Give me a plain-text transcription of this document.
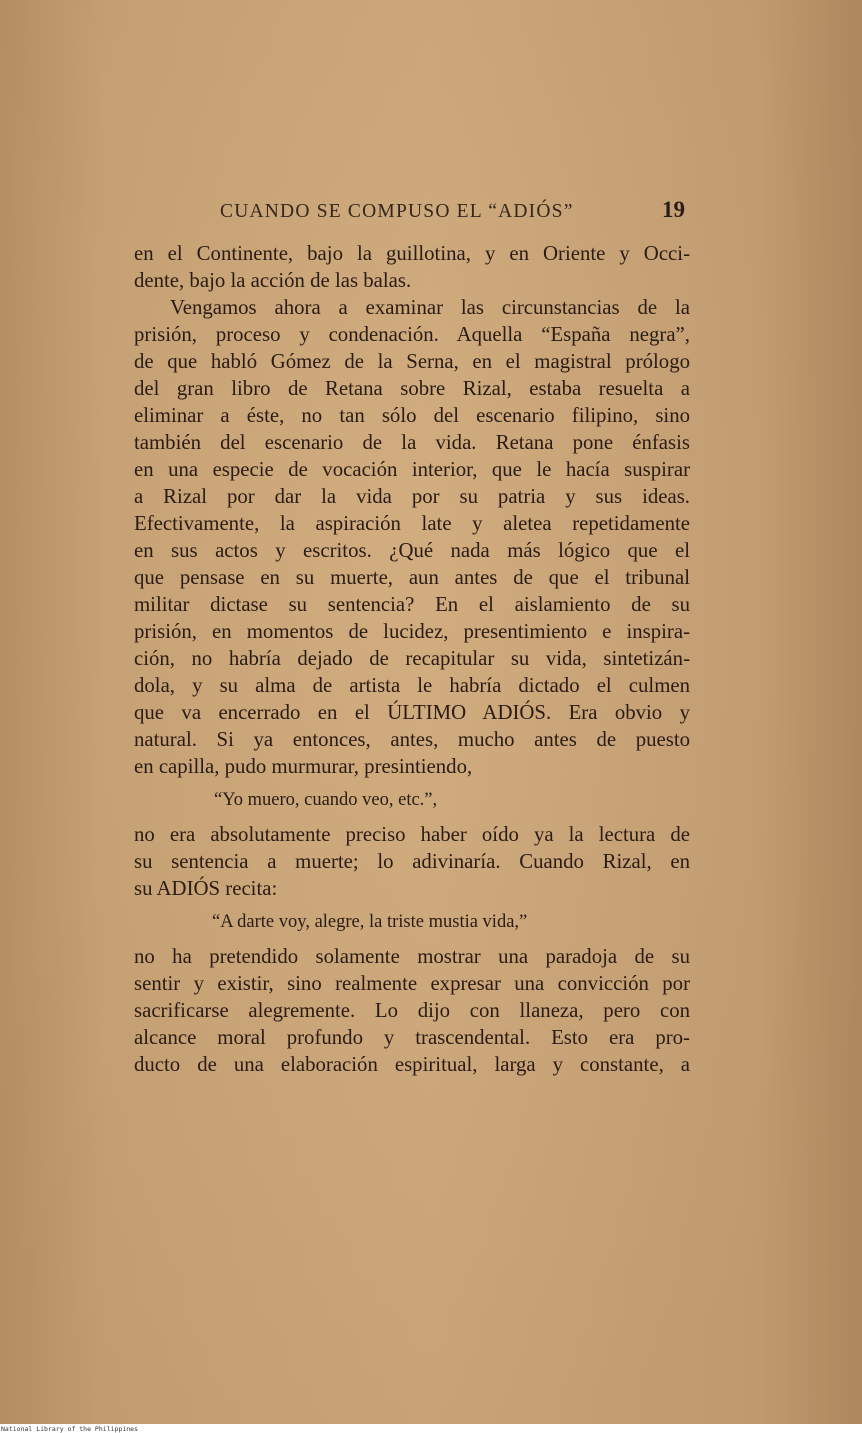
CUANDO SE COMPUSO EL “ADIÓS”	19
en el Continente, bajo la guillotina, y en Oriente y Occi-
dente, bajo la acción de las balas.
Vengamos ahora a examinar las circunstancias de la
prisión, proceso y condenación. Aquella “España negra”,
de que habló Gómez de la Serna, en el magistral prólogo
del gran libro de Retana sobre Rizal, estaba resuelta a
eliminar a éste, no tan sólo del escenario filipino, sino
también del escenario de la vida. Retana pone énfasis
en una especie de vocación interior, que le hacía suspirar
a Rizal por dar la vida por su patria y sus ideas.
Efectivamente, la aspiración late y aletea repetidamente
en sus actos y escritos. ¿Qué nada más lógico que el
que pensase en su muerte, aun antes de que el tribunal
militar dictase su sentencia? En el aislamiento de su
prisión, en momentos de lucidez, presentimiento e inspira-
ción, no habría dejado de recapitular su vida, sintetizán-
dola, y su alma de artista le habría dictado el culmen
que va encerrado en el ÚLTIMO ADIÓS. Era obvio y
natural. Si ya entonces, antes, mucho antes de puesto
en capilla, pudo murmurar, presintiendo,
“Yo muero, cuando veo, etc.”,
no era absolutamente preciso haber oído ya la lectura de
su sentencia a muerte; lo adivinaría. Cuando Rizal, en
su ADIÓS recita:
“A darte voy, alegre, la triste mustia vida,”
no ha pretendido solamente mostrar una paradoja de su
sentir y existir, sino realmente expresar una convicción por
sacrificarse alegremente. Lo dijo con llaneza, pero con
alcance moral profundo y trascendental. Esto era pro-
ducto de una elaboración espiritual, larga y constante, a
National Library of the Philippines
